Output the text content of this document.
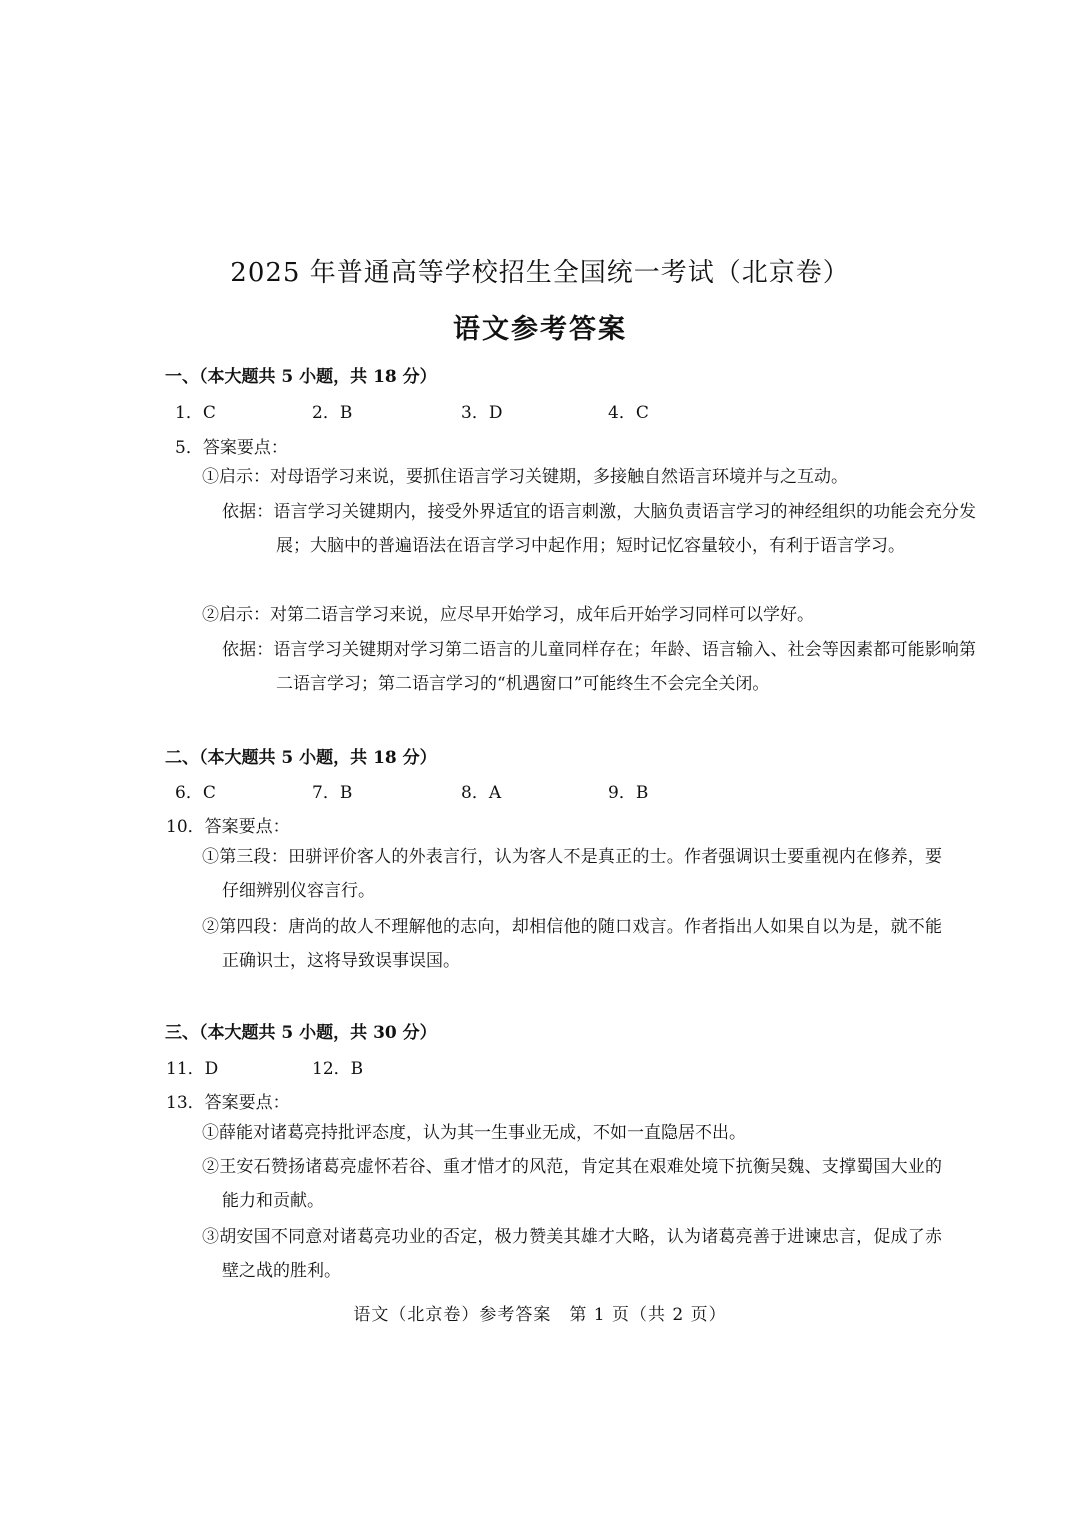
2025 年普通高等学校招生全国统一考试（北京卷）
语文参考答案
一、（本大题共 5 小题，共 18 分）
1．C	2．B	3．D	4．C
5．答案要点：
①启示：对母语学习来说，要抓住语言学习关键期，多接触自然语言环境并与之互动。
依据：语言学习关键期内，接受外界适宜的语言刺激，大脑负责语言学习的神经组织的功能会充分发展；大脑中的普遍语法在语言学习中起作用；短时记忆容量较小，有利于语言学习。
②启示：对第二语言学习来说，应尽早开始学习，成年后开始学习同样可以学好。
依据：语言学习关键期对学习第二语言的儿童同样存在；年龄、语言输入、社会等因素都可能影响第二语言学习；第二语言学习的“机遇窗口”可能终生不会完全关闭。
二、（本大题共 5 小题，共 18 分）
6．C	7．B	8．A	9．B
10．答案要点：
①第三段：田骈评价客人的外表言行，认为客人不是真正的士。作者强调识士要重视内在修养，要仔细辨别仪容言行。
②第四段：唐尚的故人不理解他的志向，却相信他的随口戏言。作者指出人如果自以为是，就不能正确识士，这将导致误事误国。
三、（本大题共 5 小题，共 30 分）
11．D	12．B
13．答案要点：
①薛能对诸葛亮持批评态度，认为其一生事业无成，不如一直隐居不出。
②王安石赞扬诸葛亮虚怀若谷、重才惜才的风范，肯定其在艰难处境下抗衡吴魏、支撑蜀国大业的能力和贡献。
③胡安国不同意对诸葛亮功业的否定，极力赞美其雄才大略，认为诸葛亮善于进谏忠言，促成了赤壁之战的胜利。
语文（北京卷）参考答案　第 1 页（共 2 页）
